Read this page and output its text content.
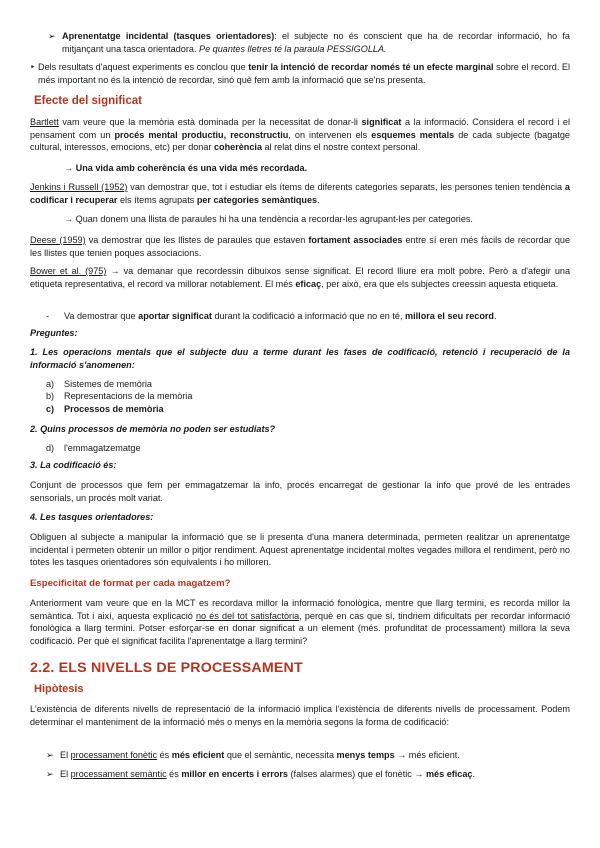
➢ Aprenentatge incidental (tasques orientadores): el subjecte no és conscient que ha de recordar informació, ho fa mitjançant una tasca orientadora. Pe quantes lletres té la paraula PESSIGOLLA.
‣ Dels resultats d'aquest experiments es conclou que tenir la intenció de recordar només té un efecte marginal sobre el record. El més important no és la intenció de recordar, sinó què fem amb la informació que se'ns presenta.
Efecte del significat
Bartlett vam veure que la memòria està dominada per la necessitat de donar-li significat a la informació. Considera el record i el pensament com un procés mental productiu, reconstructiu, on intervenen els esquemes mentals de cada subjecte (bagatge cultural, interessos, emocions, etc) per donar coherència al relat dins el nostre context personal.
→ Una vida amb coherència és una vida més recordada.
Jenkins i Russell (1952) van demostrar que, tot i estudiar els ítems de diferents categories separats, les persones tenien tendència a codificar i recuperar els ítems agrupats per categories semàntiques.
→ Quan donem una llista de paraules hi ha una tendència a recordar-les agrupant-les per categories.
Deese (1959) va demostrar que les llistes de paraules que estaven fortament associades entre sí eren més fàcils de recordar que les llistes que tenien poques associacions.
Bower et al. (975) → va demanar que recordessin dibuixos sense significat. El record lliure era molt pobre. Però a d'afegir una etiqueta representativa, el record va millorar notablement. El més eficaç, per això, era que els subjectes creessin aquesta etiqueta.
-	Va demostrar que aportar significat durant la codificació a informació que no en té, millora el seu record.
Preguntes:
1. Les operacions mentals que el subjecte duu a terme durant les fases de codificació, retenció i recuperació de la informació s'anomenen:
a)	Sistemes de memòria
b)	Representacions de la memòria
c)	Processos de memòria
2. Quins processos de memòria no poden ser estudiats?
d)	l'emmagatzematge
3. La codificació és:
Conjunt de processos que fem per emmagatzemar la info, procés encarregat de gestionar la info que prové de les entrades sensorials, un procés molt variat.
4. Les tasques orientadores:
Obliguen al subjecte a manipular la informació que se li presenta d'una manera determinada, permeten realitzar un aprenentatge incidental i permeten obtenir un millor o pitjor rendiment. Aquest aprenentatge incidental moltes vegades millora el rendiment, però no totes les tasques orientadores són equivalents i ho milloren.
Especificitat de format per cada magatzem?
Anteriorment vam veure que en la MCT es recordava millor la informació fonològica, mentre que llarg termini, es recorda millor la semàntica. Tot i així, aquesta explicació no és del tot satisfactòria, perquè en cas que sí, tindriem dificultats per recordar informació fonològica a llarg termini. Potser esforçar-se en donar significat a un element (més. profunditat de processament) millora la seva codificació. Per què el significat facilita l'aprenentatge a llarg termini?
2.2. ELS NIVELLS DE PROCESSAMENT
Hipòtesis
L'existència de diferents nivells de representació de la informació implica l'existència de diferents nivells de processament. Podem determinar el manteniment de la informació més o menys en la memòria segons la forma de codificació:
➢ El processament fonètic és més eficient que el semàntic, necessita menys temps → més eficient.
➢ El processament semàntic és millor en encerts i errors (falses alarmes) que el fonètic → més eficaç.
